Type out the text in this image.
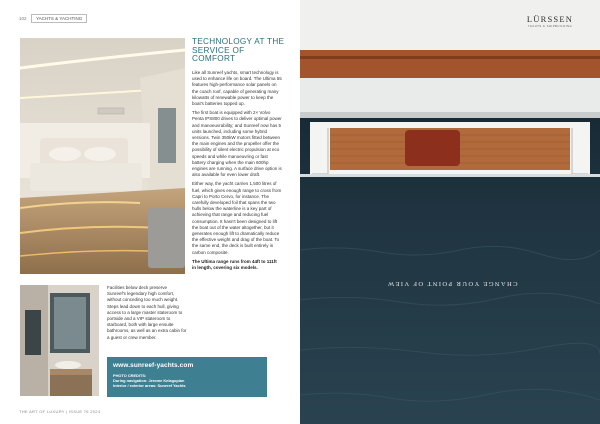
102	YACHTS & YACHTING
TECHNOLOGY AT THE SERVICE OF COMFORT

Like all Sunreef yachts, smart technology is used to enhance life on board. The Ultima 55 features high-performance solar panels on the coach roof, capable of generating many kilowatts of renewable power to keep the boat's batteries topped up.

The first boat is equipped with 2× Volvo Penta IPS800 drives to deliver optimal power and manoeuvrability; and Sunreef now has 5 units launched, including some hybrid versions. Twin 350kW motors fitted between the main engines and the propeller offer the possibility of silent electric propulsion at eco speeds and while manoeuvring or fast battery charging when the main 600hp engines are running. A surface drive option is also available for even lower draft.

Either way, the yacht carries 1,500 litres of fuel, which gives enough range to cross from Capri to Porto Cervo, for instance. The carefully developed foil that spans the two hulls below the waterline is a key part of achieving that range and reducing fuel consumption. It hasn't been designed to lift the boat out of the water altogether, but it generates enough lift to dramatically reduce the effective weight and drag of the boat. To the same end, the deck is built entirely in carbon composite.

The Ultima range runs from 44ft to 111ft in length, covering six models.

Facilities below deck preserve Sunreef's legendary high comfort, without conceding too much weight. Steps lead down to each hull, giving access to a large master stateroom to portside and a VIP stateroom to starboard, both with large ensuite bathrooms, as well as an extra cabin for a guest or crew member.
www.sunreef-yachts.com
PHOTO CREDITS:
During navigation: Jerome Kelagopian
Interior / exterior areas: Sunreef Yachts
THE ART OF LUXURY | ISSUE 76 2024
LÜRSSEN
YACHTS & SHIPBUILDING
CHANGE YOUR POINT OF VIEW
